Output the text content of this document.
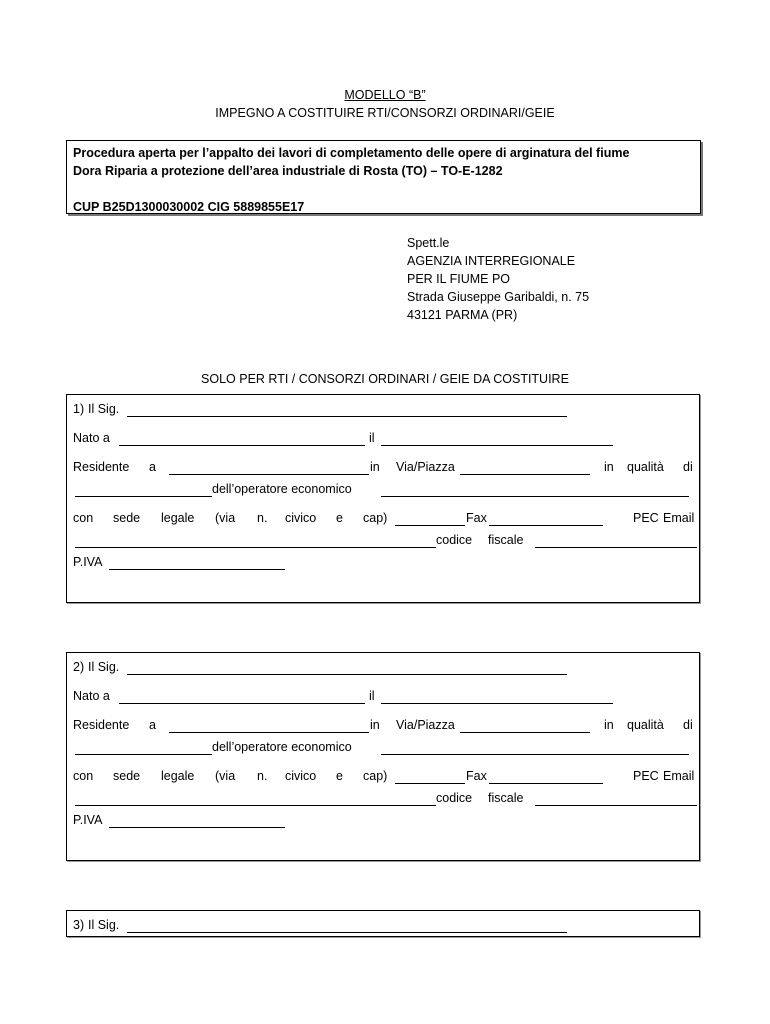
MODELLO “B”
IMPEGNO A COSTITUIRE RTI/CONSORZI ORDINARI/GEIE
Procedura aperta per l’appalto dei lavori di completamento delle opere di arginatura del fiume
Dora Riparia a protezione dell’area industriale di Rosta (TO) – TO-E-1282
CUP B25D1300030002 CIG 5889855E17
Spett.le
AGENZIA INTERREGIONALE
PER IL FIUME PO
Strada Giuseppe Garibaldi, n. 75
43121 PARMA (PR)
SOLO PER RTI / CONSORZI ORDINARI / GEIE DA COSTITUIRE
1) Il Sig.
Nato a	il
Residente a	in Via/Piazza	in qualità di
dell’operatore economico
con sede legale (via n. civico e cap)	Fax	PEC Email
codice fiscale
P.IVA
2) Il Sig.
Nato a	il
Residente a	in Via/Piazza	in qualità di
dell’operatore economico
con sede legale (via n. civico e cap)	Fax	PEC Email
codice fiscale
P.IVA
3) Il Sig.
